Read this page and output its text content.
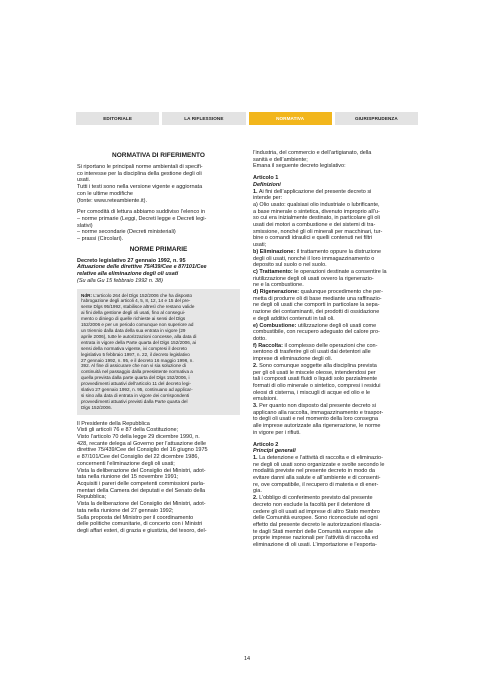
EDITORIALE	LA RIFLESSIONE	NORMATIVA	GIURISPRUDENZA
NORMATIVA DI RIFERIMENTO
Si riportano le principali norme ambientali di specifi-
co interesse per la disciplina della gestione degli oli
usati.
Tutti i testi sono nella versione vigente e aggiornata
con le ultime modifiche
(fonte: www.reteambiente.it).
Per comodità di lettura abbiamo suddiviso l’elenco in
– norme primarie (Leggi, Decreti legge e Decreti legi-
slativi)
– norme secondarie (Decreti ministeriali)
– prassi (Circolari).
NORME PRIMARIE
Decreto legislativo 27 gennaio 1992, n. 95
Attuazione delle direttive 75/439/Cee e 87/101/Cee
relative alla eliminazione degli oli usati
(Su alla Gu 15 febbraio 1992 n. 38)
NdR: L’articolo 264 del Dlgs 152/2006 che ha disposto
l’abrogazione degli articoli 4, 5, 8, 12, 14 e 15 del pre-
sente Dlgs 95/1992, stabilisce altresì che restano valide
ai fini della gestione degli oli usati, fino al consegui-
mento o diniego di quelle richieste ai sensi del Dlgs
152/2006 e per un periodo comunque non superiore ad
un triennio dalla data della sua entrata in vigore (29
aprile 2006), tutte le autorizzazioni concesse, alla data di
entrata in vigore della Parte quarta del Dlgs 152/2006, ai
sensi della normativa vigente, ivi compresi il decreto
legislativo 5 febbraio 1997, n. 22, il decreto legislativo
27 gennaio 1992, n. 95, e il decreto 16 maggio 1996, n.
392. Al fine di assicurare che non vi sia soluzione di
continuità nel passaggio dalla preesistente normativa a
quella prevista dalla parte quarta del Dlgs 152/2006, i
provvedimenti attuativi dell’articolo 11 del decreto legi-
slativo 27 gennaio 1992, n. 95, continuano ad applicar-
si sino alla data di entrata in vigore dei corrispondenti
provvedimenti attuativi previsti dalla Parte quarta del
Dlgs 152/2006.
Il Presidente della Repubblica
Visti gli articoli 76 e 87 della Costituzione;
Visto l’articolo 70 della legge 29 dicembre 1990, n.
428, recante delega al Governo per l’attuazione delle
direttive 75/439/Cee del Consiglio del 16 giugno 1975
e 87/101/Cee del Consiglio del 22 dicembre 1986,
concernenti l’eliminazione degli oli usati;
Vista la deliberazione del Consiglio dei Ministri, adot-
tata nella riunione del 15 novembre 1991;
Acquisiti i pareri delle competenti commissioni parla-
mentari della Camera dei deputati e del Senato della
Repubblica;
Vista la deliberazione del Consiglio dei Ministri, adot-
tata nella riunione del 27 gennaio 1992;
Sulla proposta del Ministro per il coordinamento
delle politiche comunitarie, di concerto con i Ministri
degli affari esteri, di grazia e giustizia, del tesoro, del-
l’industria, del commercio e dell’artigianato, della
sanità e dell’ambiente;
Emana il seguente decreto legislativo:
Articolo 1
Definizioni
1. Ai fini dell’applicazione del presente decreto si
intende per:
a) Olio usato: qualsiasi olio industriale o lubrificante,
a base minerale o sintetica, divenuto improprio all’u-
so cui era inizialmente destinato, in particolare gli oli
usati dei motori a combustione e dei sistemi di tra-
smissione, nonché gli oli minerali per macchinari, tur-
bine o comandi idraulici e quelli contenuti nei filtri
usati;
b) Eliminazione: il trattamento oppure la distruzione
degli oli usati, nonché il loro immagazzinamento o
deposito sul suolo o nel suolo.
c) Trattamento: le operazioni destinate a consentire la
riutilizzazione degli oli usati ovvero la rigenerazio-
ne e la combustione.
d) Rigenerazione: qualunque procedimento che per-
metta di produrre oli di base mediante una raffinazio-
ne degli oli usati che comporti in particolare la sepa-
razione dei contaminanti, dei prodotti di ossidazione
e degli additivi contenuti in tali oli.
e) Combustione: utilizzazione degli oli usati come
combustibile, con recupero adeguato del calore pro-
dotto.
f) Raccolta: il complesso delle operazioni che con-
sentono di trasferire gli oli usati dai detentori alle
imprese di eliminazione degli oli.
2. Sono comunque soggette alla disciplina prevista
per gli oli usati le miscele oleose, intendendosi per
tali i composti usati fluidi o liquidi solo parzialmente
formati di olio minerale o sintetico, compresi i residui
oleosi di cisterna, i miscugli di acque ed olio e le
emulsioni.
3. Per quanto non disposto dal presente decreto si
applicano alla raccolta, immagazzinamento e traspor-
to degli oli usati e nel momento della loro consegna
alle imprese autorizzate alla rigenerazione, le norme
in vigore per i rifiuti.
Articolo 2
Principi generali
1. La detenzione e l’attività di raccolta e di eliminazio-
ne degli oli usati sono organizzate e svolte secondo le
modalità previste nel presente decreto in modo da
evitare danni alla salute e all’ambiente e di consenti-
re, ove compatibile, il recupero di materia e di ener-
gia.
2. L’obbligo di conferimento previsto dal presente
decreto non esclude la facoltà per il detentore di
cedere gli oli usati ad imprese di altro Stato membro
delle Comunità europee. Sono riconosciute ad ogni
effetto dal presente decreto le autorizzazioni rilascia-
te dagli Stati membri delle Comunità europee alle
proprie imprese nazionali per l’attività di raccolta ed
eliminazione di oli usati. L’importazione e l’esporta-
14
